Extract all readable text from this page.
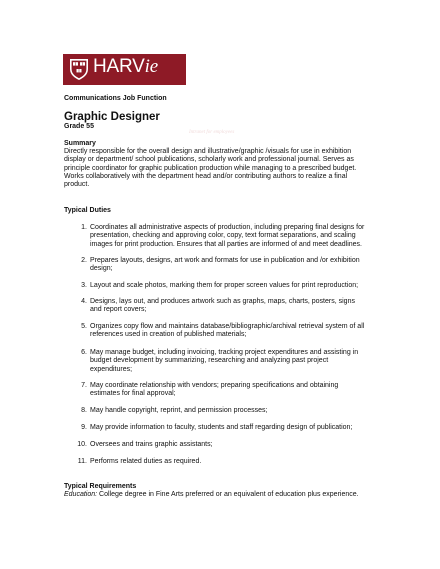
HARVie
Intranet for employees
Communications Job Function
Graphic Designer
Grade 55
Summary
Directly responsible for the overall design and illustrative/graphic /visuals for use in exhibition
display or department/ school publications, scholarly work and professional journal. Serves as
principle coordinator for graphic publication production while managing to a prescribed budget.
Works collaboratively with the department head and/or contributing authors to realize a final
product.
Typical Duties
1. Coordinates all administrative aspects of production, including preparing final designs for
presentation, checking and approving color, copy, text format separations, and scaling
images for print production. Ensures that all parties are informed of and meet deadlines.
2. Prepares layouts, designs, art work and formats for use in publication and /or exhibition
design;
3. Layout and scale photos, marking them for proper screen values for print reproduction;
4. Designs, lays out, and produces artwork such as graphs, maps, charts, posters, signs
and report covers;
5. Organizes copy flow and maintains database/bibliographic/archival retrieval system of all
references used in creation of published materials;
6. May manage budget, including invoicing, tracking project expenditures and assisting in
budget development by summarizing, researching and analyzing past project
expenditures;
7. May coordinate relationship with vendors; preparing specifications and obtaining
estimates for final approval;
8. May handle copyright, reprint, and permission processes;
9. May provide information to faculty, students and staff regarding design of publication;
10. Oversees and trains graphic assistants;
11. Performs related duties as required.
Typical Requirements
Education: College degree in Fine Arts preferred or an equivalent of education plus experience.
